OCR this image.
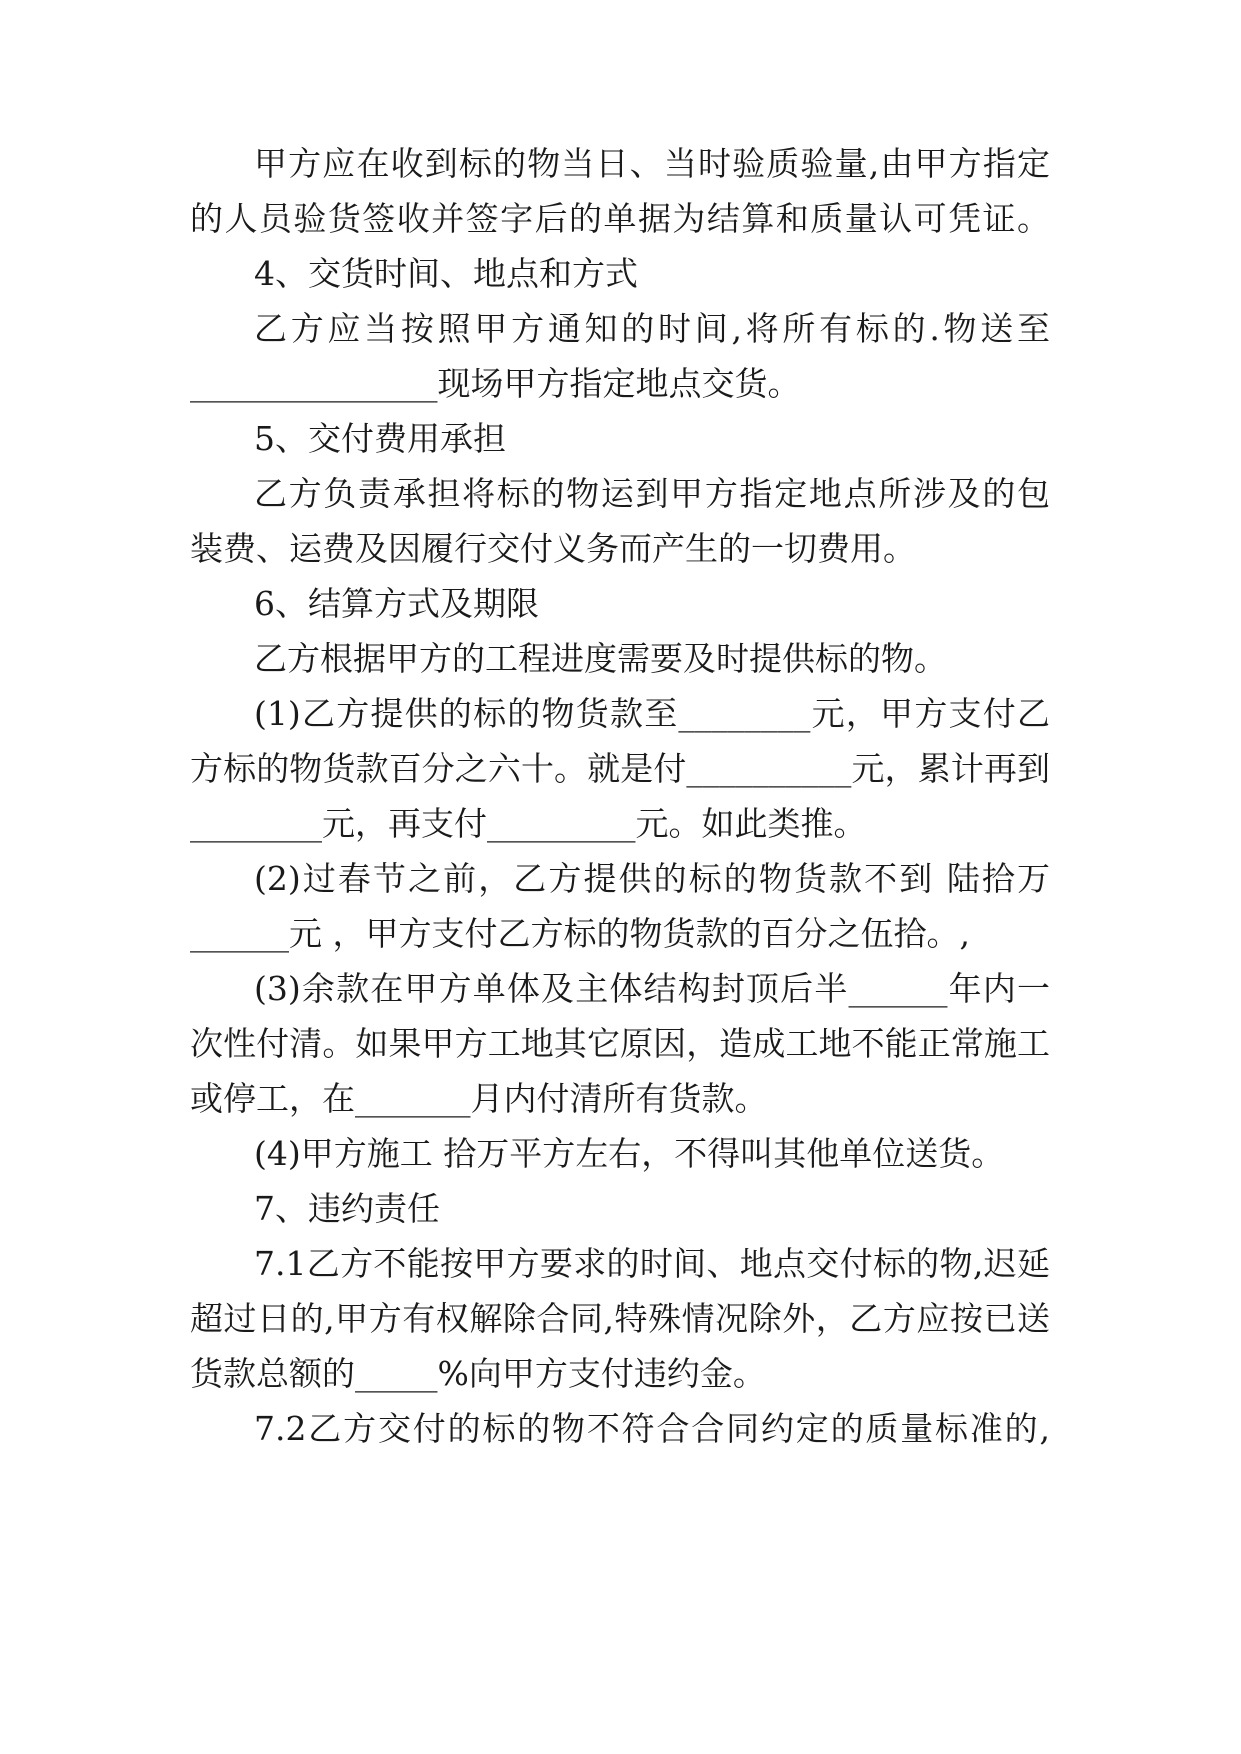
甲方应在收到标的物当日、当时验质验量,由甲方指定
的人员验货签收并签字后的单据为结算和质量认可凭证。
4、交货时间、地点和方式
乙方应当按照甲方通知的时间,将所有标的.物送至
_______________现场甲方指定地点交货。
5、交付费用承担
乙方负责承担将标的物运到甲方指定地点所涉及的包
装费、运费及因履行交付义务而产生的一切费用。
6、结算方式及期限
乙方根据甲方的工程进度需要及时提供标的物。
(1)乙方提供的标的物货款至________元，甲方支付乙
方标的物货款百分之六十。就是付__________元，累计再到
________元，再支付_________元。如此类推。
(2)过春节之前，乙方提供的标的物货款不到 陆拾万
______元 ，甲方支付乙方标的物货款的百分之伍拾。,
(3)余款在甲方单体及主体结构封顶后半______年内一
次性付清。如果甲方工地其它原因，造成工地不能正常施工
或停工，在_______月内付清所有货款。
(4)甲方施工 拾万平方左右，不得叫其他单位送货。
7、违约责任
7.1乙方不能按甲方要求的时间、地点交付标的物,迟延
超过日的,甲方有权解除合同,特殊情况除外，乙方应按已送
货款总额的_____%向甲方支付违约金。
7.2乙方交付的标的物不符合合同约定的质量标准的,
